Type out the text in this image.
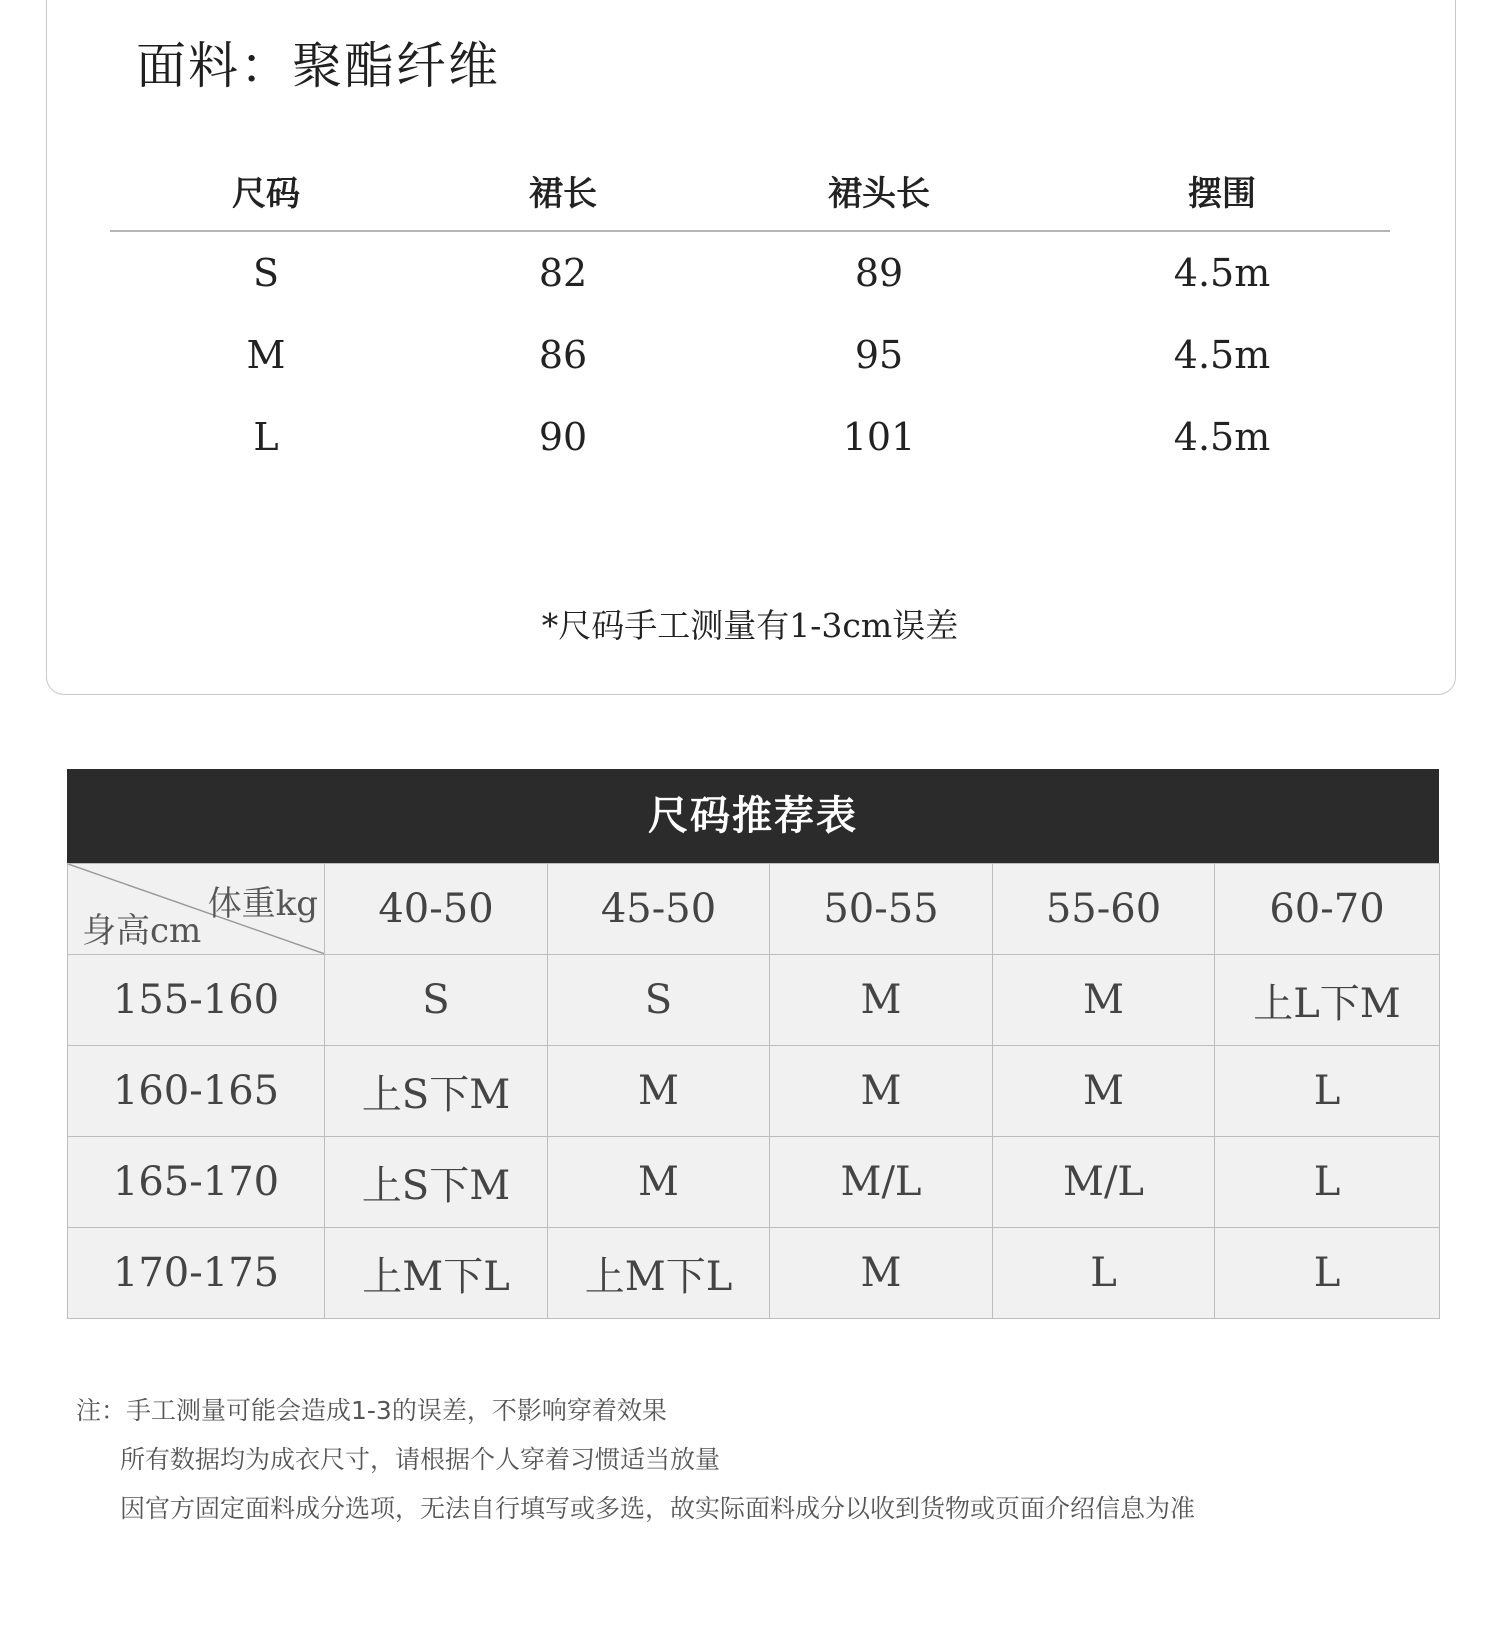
面料：聚酯纤维
尺码	裙长	裙头长	摆围
S	82	89	4.5m
M	86	95	4.5m
L	90	101	4.5m
*尺码手工测量有1-3cm误差
尺码推荐表
体重kg
身高cm	40-50	45-50	50-55	55-60	60-70
155-160	S	S	M	M	上L下M
160-165	上S下M	M	M	M	L
165-170	上S下M	M	M/L	M/L	L
170-175	上M下L	上M下L	M	L	L
注：手工测量可能会造成1-3的误差，不影响穿着效果
所有数据均为成衣尺寸，请根据个人穿着习惯适当放量
因官方固定面料成分选项，无法自行填写或多选，故实际面料成分以收到货物或页面介绍信息为准
